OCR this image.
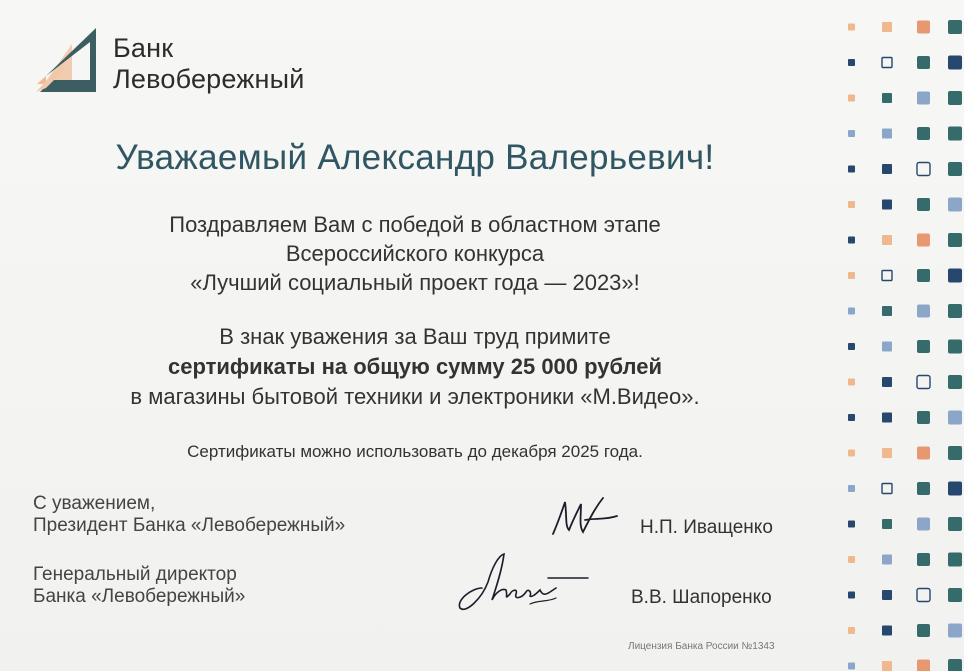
Банк
Левобережный
Уважаемый Александр Валерьевич!
Поздравляем Вам с победой в областном этапе
Всероссийского конкурса
«Лучший социальный проект года — 2023»!
В знак уважения за Ваш труд примите
сертификаты на общую сумму 25 000 рублей
в магазины бытовой техники и электроники «М.Видео».
Сертификаты можно использовать до декабря 2025 года.
С уважением,
Президент Банка «Левобережный»	Н.П. Иващенко
Генеральный директор
Банка «Левобережный»	В.В. Шапоренко
Лицензия Банка России №1343
